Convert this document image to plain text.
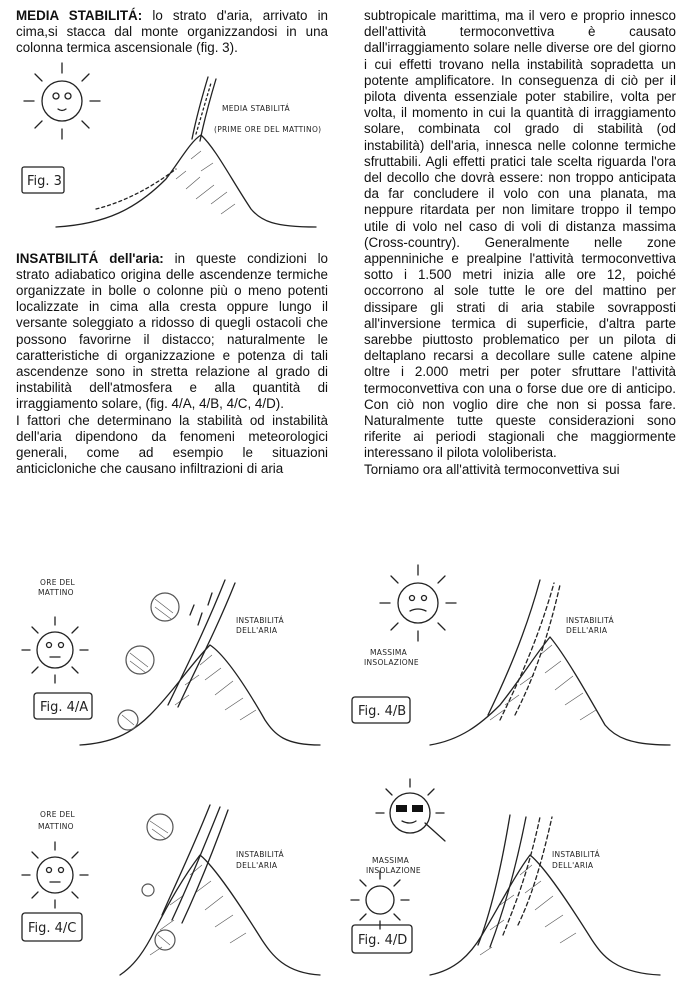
MEDIA STABILITÁ: lo strato d'aria, arrivato in cima,si stacca dal monte organizzandosi in una colonna termica ascensionale (fig. 3).

MEDIA STABILITÁ
(PRIME ORE DEL MATTINO)
Fig. 3

INSATBILITÁ dell'aria: in queste condizioni lo strato adiabatico origina delle ascendenze termiche organizzate in bolle o colonne più o meno potenti localizzate in cima alla cresta oppure lungo il versante soleggiato a ridosso di quegli ostacoli che possono favorirne il distacco; naturalmente le caratteristiche di organizzazione e potenza di tali ascendenze sono in stretta relazione al grado di instabilità dell'atmosfera e alla quantità di irraggiamento solare, (fig. 4/A, 4/B, 4/C, 4/D).

I fattori che determinano la stabilità od instabilità dell'aria dipendono da fenomeni meteorologici generali, come ad esempio le situazioni anticicloniche che causano infiltrazioni di aria

subtropicale marittima, ma il vero e proprio innesco dell'attività termoconvettiva è causato dall'irraggiamento solare nelle diverse ore del giorno i cui effetti trovano nella instabilità sopradetta un potente amplificatore. In conseguenza di ciò per il pilota diventa essenziale poter stabilire, volta per volta, il momento in cui la quantità di irraggiamento solare, combinata col grado di stabilità (od instabilità) dell'aria, innesca nelle colonne termiche sfruttabili. Agli effetti pratici tale scelta riguarda l'ora del decollo che dovrà essere: non troppo anticipata da far concludere il volo con una planata, ma neppure ritardata per non limitare troppo il tempo utile di volo nel caso di voli di distanza massima (Cross-country). Generalmente nelle zone appenniniche e prealpine l'attività termoconvettiva sotto i 1.500 metri inizia alle ore 12, poiché occorrono al sole tutte le ore del mattino per dissipare gli strati di aria stabile sovrapposti all'inversione termica di superficie, d'altra parte sarebbe piuttosto problematico per un pilota di deltaplano recarsi a decollare sulle catene alpine oltre i 2.000 metri per poter sfruttare l'attività termoconvettiva con una o forse due ore di anticipo. Con ciò non voglio dire che non si possa fare. Naturalmente tutte queste considerazioni sono riferite ai periodi stagionali che maggiormente interessano il pilota vololiberista.

Torniamo ora all'attività termoconvettiva sui

ORE DEL
MATTINO
INSTABILITÁ
DELL'ARIA
Fig. 4/A
MASSIMA
INSOLAZIONE
INSTABILITÁ
DELL'ARIA
Fig. 4/B
ORE DEL
MATTINO
INSTABILITÁ
DELL'ARIA
Fig. 4/C
MASSIMA
INSOLAZIONE
INSTABILITÁ
DELL'ARIA
Fig. 4/D
